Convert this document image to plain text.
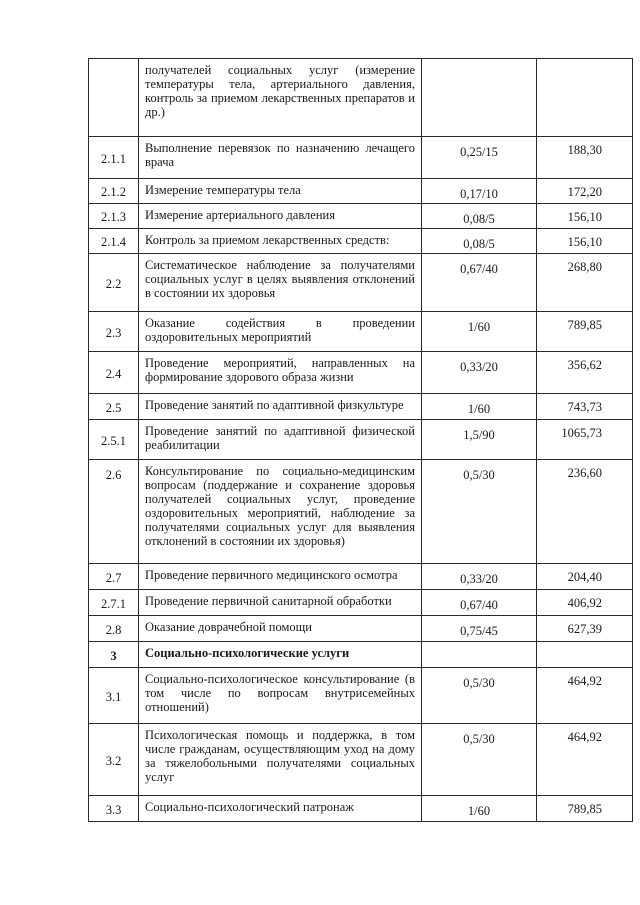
	получателей социальных услуг (измерение температуры тела, артериального давления, контроль за приемом лекарственных препаратов и др.)		
2.1.1	Выполнение перевязок по назначению лечащего врача	0,25/15	188,30
2.1.2	Измерение температуры тела	0,17/10	172,20
2.1.3	Измерение артериального давления	0,08/5	156,10
2.1.4	Контроль за приемом лекарственных средств:	0,08/5	156,10
2.2	Систематическое наблюдение за получателями социальных услуг в целях выявления отклонений в состоянии их здоровья	0,67/40	268,80
2.3	Оказание содействия в проведении оздоровительных мероприятий	1/60	789,85
2.4	Проведение мероприятий, направленных на формирование здорового образа жизни	0,33/20	356,62
2.5	Проведение занятий по адаптивной физкультуре	1/60	743,73
2.5.1	Проведение занятий по адаптивной физической реабилитации	1,5/90	1065,73
2.6	Консультирование по социально-медицинским вопросам (поддержание и сохранение здоровья получателей социальных услуг, проведение оздоровительных мероприятий, наблюдение за получателями социальных услуг для выявления отклонений в состоянии их здоровья)	0,5/30	236,60
2.7	Проведение первичного медицинского осмотра	0,33/20	204,40
2.7.1	Проведение первичной санитарной обработки	0,67/40	406,92
2.8	Оказание доврачебной помощи	0,75/45	627,39
3	Социально-психологические услуги		
3.1	Социально-психологическое консультирование (в том числе по вопросам внутрисемейных отношений)	0,5/30	464,92
3.2	Психологическая помощь и поддержка, в том числе гражданам, осуществляющим уход на дому за тяжелобольными получателями социальных услуг	0,5/30	464,92
3.3	Социально-психологический патронаж	1/60	789,85
